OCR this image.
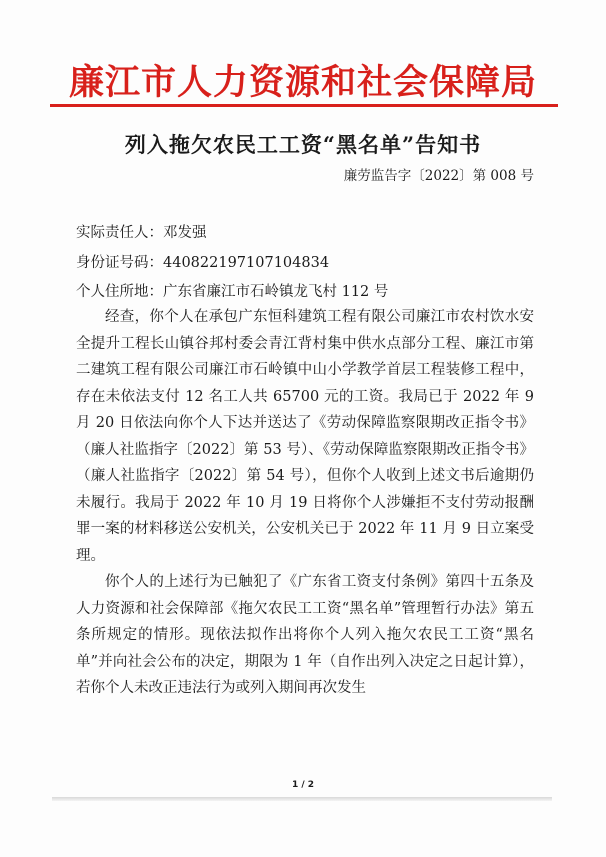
廉江市人力资源和社会保障局
列入拖欠农民工工资“黑名单”告知书
廉劳监告字〔2022〕第 008 号
实际责任人：邓发强
身份证号码：440822197107104834
个人住所地：广东省廉江市石岭镇龙飞村 112 号

经查，你个人在承包广东恒科建筑工程有限公司廉江市农村饮水安全提升工程长山镇谷邦村委会青江背村集中供水点部分工程、廉江市第二建筑工程有限公司廉江市石岭镇中山小学教学首层工程装修工程中，存在未依法支付 12 名工人共 65700 元的工资。我局已于 2022 年 9 月 20 日依法向你个人下达并送达了《劳动保障监察限期改正指令书》（廉人社监指字〔2022〕第 53 号）、《劳动保障监察限期改正指令书》（廉人社监指字〔2022〕第 54 号），但你个人收到上述文书后逾期仍未履行。我局于 2022 年 10 月 19 日将你个人涉嫌拒不支付劳动报酬罪一案的材料移送公安机关，公安机关已于 2022 年 11 月 9 日立案受理。

你个人的上述行为已触犯了《广东省工资支付条例》第四十五条及人力资源和社会保障部《拖欠农民工工资“黑名单”管理暂行办法》第五条所规定的情形。现依法拟作出将你个人列入拖欠农民工工资“黑名单”并向社会公布的决定，期限为 1 年（自作出列入决定之日起计算），若你个人未改正违法行为或列入期间再次发生

1 / 2
